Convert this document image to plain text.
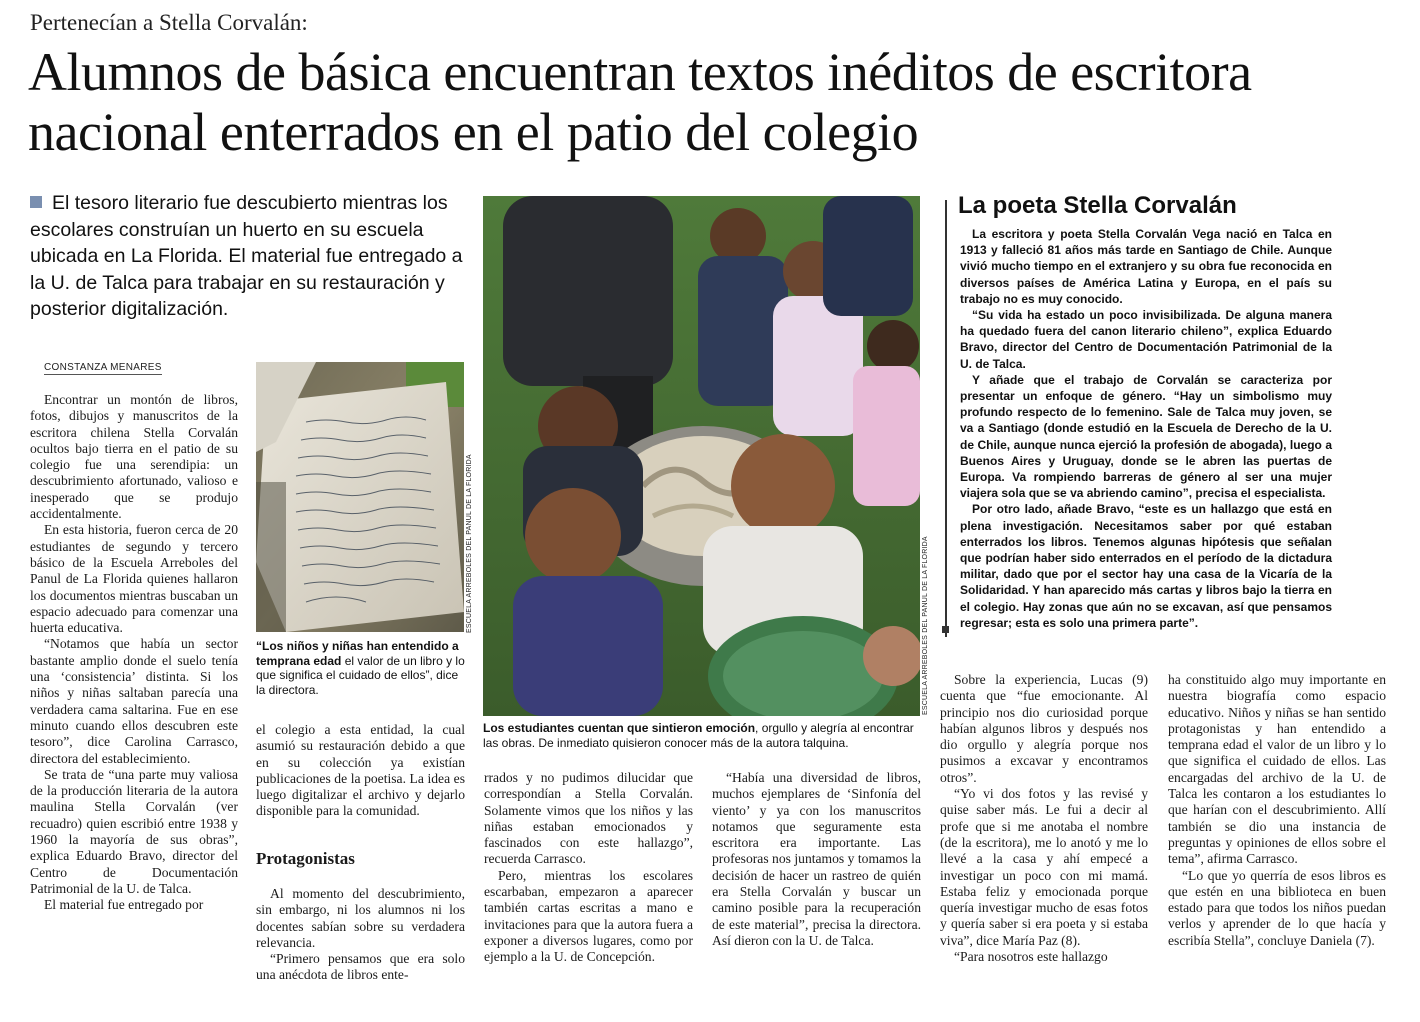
Pertenecían a Stella Corvalán:
Alumnos de básica encuentran textos inéditos de escritora nacional enterrados en el patio del colegio

El tesoro literario fue descubierto mientras los escolares construían un huerto en su escuela ubicada en La Florida. El material fue entregado a la U. de Talca para trabajar en su restauración y posterior digitalización.

CONSTANZA MENARES

Encontrar un montón de libros, fotos, dibujos y manuscritos de la escritora chilena Stella Corvalán ocultos bajo tierra en el patio de su colegio fue una serendipia: un descubrimiento afortunado, valioso e inesperado que se produjo accidentalmente.

En esta historia, fueron cerca de 20 estudiantes de segundo y tercero básico de la Escuela Arreboles del Panul de La Florida quienes hallaron los documentos mientras buscaban un espacio adecuado para comenzar una huerta educativa.

“Notamos que había un sector bastante amplio donde el suelo tenía una ‘consistencia’ distinta. Si los niños y niñas saltaban parecía una verdadera cama saltarina. Fue en ese minuto cuando ellos descubren este tesoro”, dice Carolina Carrasco, directora del establecimiento.

Se trata de “una parte muy valiosa de la producción literaria de la autora maulina Stella Corvalán (ver recuadro) quien escribió entre 1938 y 1960 la mayoría de sus obras”, explica Eduardo Bravo, director del Centro de Documentación Patrimonial de la U. de Talca.

El material fue entregado por

ESCUELA ARREBOLES DEL PANUL DE LA FLORIDA
“Los niños y niñas han entendido a temprana edad el valor de un libro y lo que significa el cuidado de ellos”, dice la directora.

el colegio a esta entidad, la cual asumió su restauración debido a que en su colección ya existían publicaciones de la poetisa. La idea es luego digitalizar el archivo y dejarlo disponible para la comunidad.

Protagonistas

Al momento del descubrimiento, sin embargo, ni los alumnos ni los docentes sabían sobre su verdadera relevancia.

“Primero pensamos que era solo una anécdota de libros ente-

ESCUELA ARREBOLES DEL PANUL DE LA FLORIDA
Los estudiantes cuentan que sintieron emoción, orgullo y alegría al encontrar las obras. De inmediato quisieron conocer más de la autora talquina.

rrados y no pudimos dilucidar que correspondían a Stella Corvalán. Solamente vimos que los niños y las niñas estaban emocionados y fascinados con este hallazgo”, recuerda Carrasco.

Pero, mientras los escolares escarbaban, empezaron a aparecer también cartas escritas a mano e invitaciones para que la autora fuera a exponer a diversos lugares, como por ejemplo a la U. de Concepción.

“Había una diversidad de libros, muchos ejemplares de ‘Sinfonía del viento’ y ya con los manuscritos notamos que seguramente esta escritora era importante. Las profesoras nos juntamos y tomamos la decisión de hacer un rastreo de quién era Stella Corvalán y buscar un camino posible para la recuperación de este material”, precisa la directora. Así dieron con la U. de Talca.

La poeta Stella Corvalán

La escritora y poeta Stella Corvalán Vega nació en Talca en 1913 y falleció 81 años más tarde en Santiago de Chile. Aunque vivió mucho tiempo en el extranjero y su obra fue reconocida en diversos países de América Latina y Europa, en el país su trabajo no es muy conocido.

“Su vida ha estado un poco invisibilizada. De alguna manera ha quedado fuera del canon literario chileno”, explica Eduardo Bravo, director del Centro de Documentación Patrimonial de la U. de Talca.

Y añade que el trabajo de Corvalán se caracteriza por presentar un enfoque de género. “Hay un simbolismo muy profundo respecto de lo femenino. Sale de Talca muy joven, se va a Santiago (donde estudió en la Escuela de Derecho de la U. de Chile, aunque nunca ejerció la profesión de abogada), luego a Buenos Aires y Uruguay, donde se le abren las puertas de Europa. Va rompiendo barreras de género al ser una mujer viajera sola que se va abriendo camino”, precisa el especialista.

Por otro lado, añade Bravo, “este es un hallazgo que está en plena investigación. Necesitamos saber por qué estaban enterrados los libros. Tenemos algunas hipótesis que señalan que podrían haber sido enterrados en el período de la dictadura militar, dado que por el sector hay una casa de la Vicaría de la Solidaridad. Y han aparecido más cartas y libros bajo la tierra en el colegio. Hay zonas que aún no se excavan, así que pensamos regresar; esta es solo una primera parte”.

Sobre la experiencia, Lucas (9) cuenta que “fue emocionante. Al principio nos dio curiosidad porque habían algunos libros y después nos dio orgullo y alegría porque nos pusimos a excavar y encontramos otros”.

“Yo vi dos fotos y las revisé y quise saber más. Le fui a decir al profe que si me anotaba el nombre (de la escritora), me lo anotó y me lo llevé a la casa y ahí empecé a investigar un poco con mi mamá. Estaba feliz y emocionada porque quería investigar mucho de esas fotos y quería saber si era poeta y si estaba viva”, dice María Paz (8).

“Para nosotros este hallazgo

ha constituido algo muy importante en nuestra biografía como espacio educativo. Niños y niñas se han sentido protagonistas y han entendido a temprana edad el valor de un libro y lo que significa el cuidado de ellos. Las encargadas del archivo de la U. de Talca les contaron a los estudiantes lo que harían con el descubrimiento. Allí también se dio una instancia de preguntas y opiniones de ellos sobre el tema”, afirma Carrasco.

“Lo que yo querría de esos libros es que estén en una biblioteca en buen estado para que todos los niños puedan verlos y aprender de lo que hacía y escribía Stella”, concluye Daniela (7).
